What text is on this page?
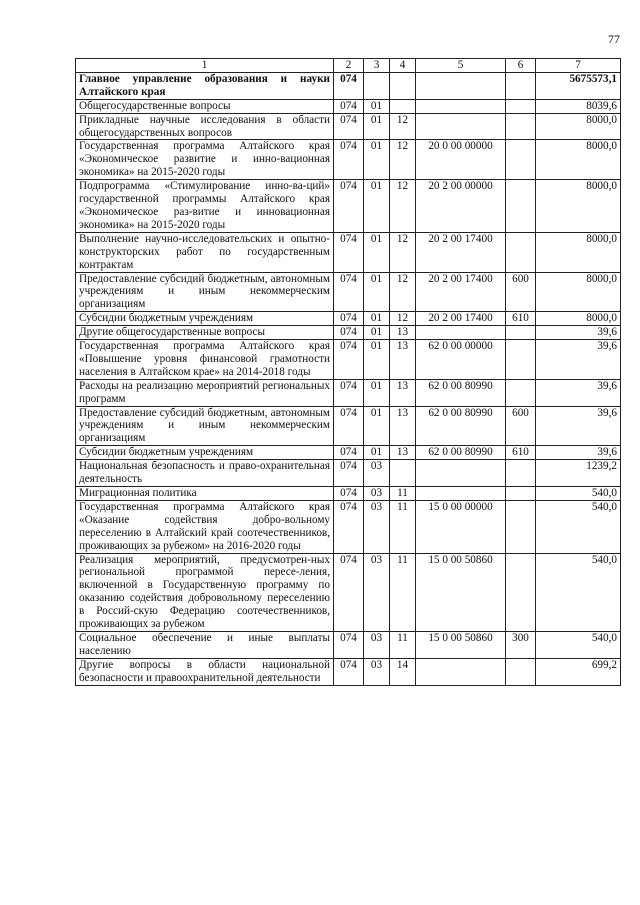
77
1	2	3	4	5	6	7
Главное управление образования и науки Алтайского края	074					5675573,1
Общегосударственные вопросы	074	01				8039,6
Прикладные научные исследования в области общегосударственных вопросов	074	01	12			8000,0
Государственная программа Алтайского края «Экономическое развитие и инно-вационная экономика» на 2015-2020 годы	074	01	12	20 0 00 00000		8000,0
Подпрограмма «Стимулирование инно-ва-ций» государственной программы Алтайского края «Экономическое раз-витие и инновационная экономика» на 2015-2020 годы	074	01	12	20 2 00 00000		8000,0
Выполнение научно-исследовательских и опытно-конструкторских работ по государственным контрактам	074	01	12	20 2 00 17400		8000,0
Предоставление субсидий бюджетным, автономным учреждениям и иным некоммерческим организациям	074	01	12	20 2 00 17400	600	8000,0
Субсидии бюджетным учреждениям	074	01	12	20 2 00 17400	610	8000,0
Другие общегосударственные вопросы	074	01	13			39,6
Государственная программа Алтайского края «Повышение уровня финансовой грамотности населения в Алтайском крае» на 2014-2018 годы	074	01	13	62 0 00 00000		39,6
Расходы на реализацию мероприятий региональных программ	074	01	13	62 0 00 80990		39,6
Предоставление субсидий бюджетным, автономным учреждениям и иным некоммерческим организациям	074	01	13	62 0 00 80990	600	39,6
Субсидии бюджетным учреждениям	074	01	13	62 0 00 80990	610	39,6
Национальная безопасность и право-охранительная деятельность	074	03				1239,2
Миграционная политика	074	03	11			540,0
Государственная программа Алтайского края «Оказание содействия добро-вольному переселению в Алтайский край соотечественников, проживающих за рубежом» на 2016-2020 годы	074	03	11	15 0 00 00000		540,0
Реализация мероприятий, предусмотрен-ных региональной программой пересе-ления, включенной в Государственную программу по оказанию содействия добровольному переселению в Россий-скую Федерацию соотечественников, проживающих за рубежом	074	03	11	15 0 00 50860		540,0
Социальное обеспечение и иные выплаты населению	074	03	11	15 0 00 50860	300	540,0
Другие вопросы в области национальной безопасности и правоохранительной деятельности	074	03	14			699,2
